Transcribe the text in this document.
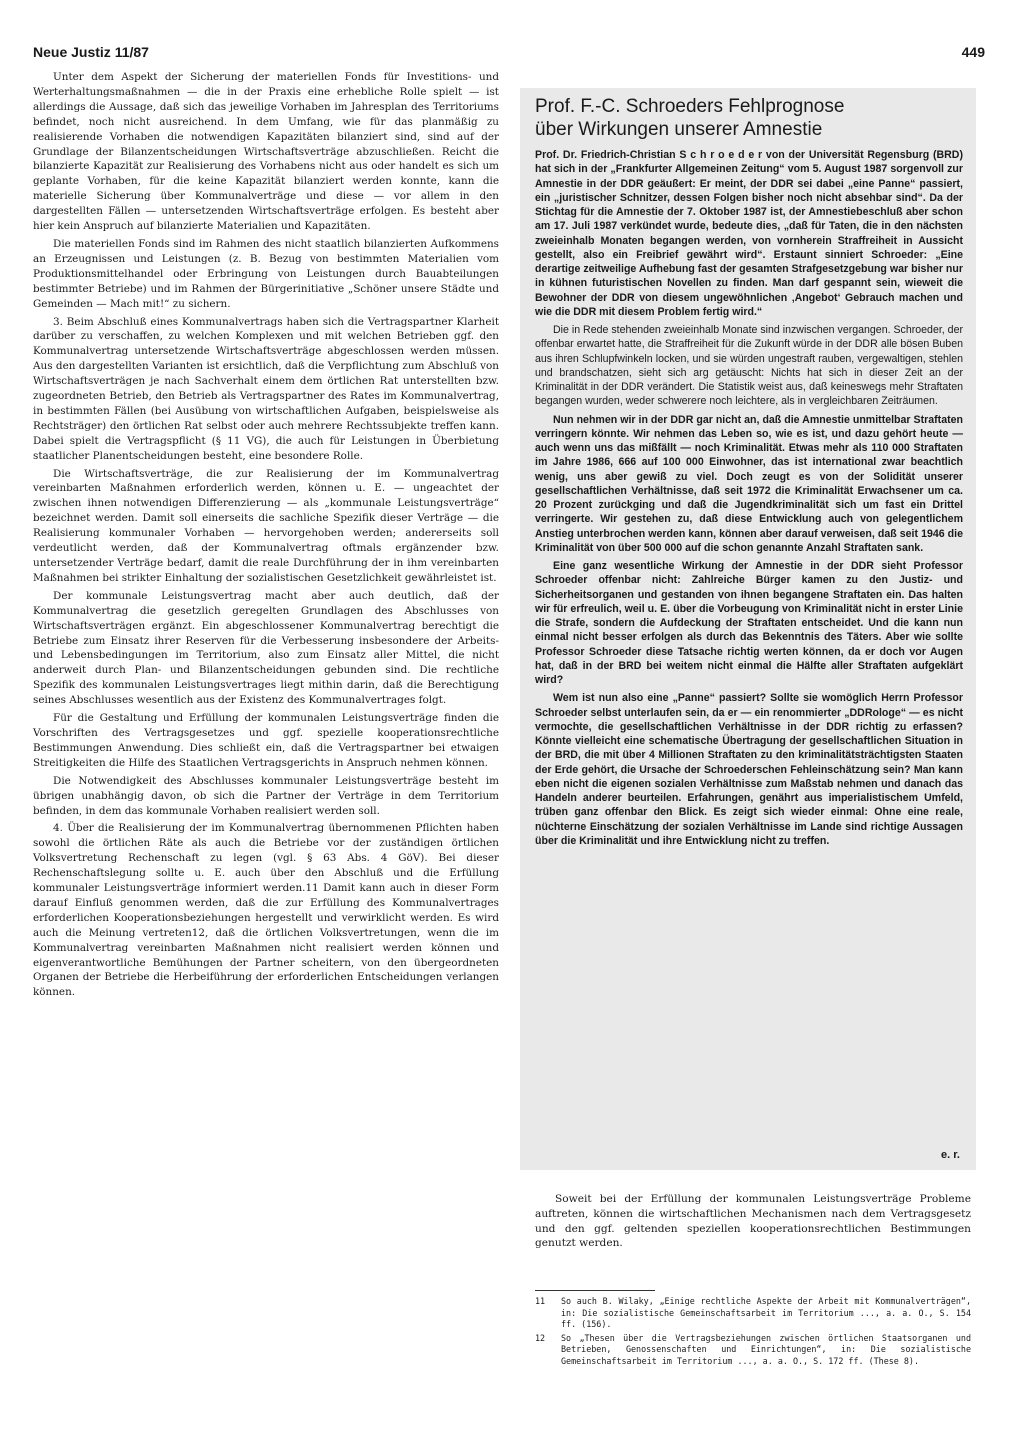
Neue Justiz 11/87	449

Unter dem Aspekt der Sicherung der materiellen Fonds für Investitions- und Werterhaltungsmaßnahmen — die in der Praxis eine erhebliche Rolle spielt — ist allerdings die Aussage, daß sich das jeweilige Vorhaben im Jahresplan des Territoriums befindet, noch nicht ausreichend. In dem Umfang, wie für das planmäßig zu realisierende Vorhaben die notwendigen Kapazitäten bilanziert sind, sind auf der Grundlage der Bilanzentscheidungen Wirtschaftsverträge abzuschließen. Reicht die bilanzierte Kapazität zur Realisierung des Vorhabens nicht aus oder handelt es sich um geplante Vorhaben, für die keine Kapazität bilanziert werden konnte, kann die materielle Sicherung über Kommunalverträge und diese — vor allem in den dargestellten Fällen — untersetzenden Wirtschaftsverträge erfolgen. Es besteht aber hier kein Anspruch auf bilanzierte Materialien und Kapazitäten.

Die materiellen Fonds sind im Rahmen des nicht staatlich bilanzierten Aufkommens an Erzeugnissen und Leistungen (z. B. Bezug von bestimmten Materialien vom Produktionsmittelhandel oder Erbringung von Leistungen durch Bauabteilungen bestimmter Betriebe) und im Rahmen der Bürgerinitiative „Schöner unsere Städte und Gemeinden — Mach mit!“ zu sichern.

3. Beim Abschluß eines Kommunalvertrags haben sich die Vertragspartner Klarheit darüber zu verschaffen, zu welchen Komplexen und mit welchen Betrieben ggf. den Kommunalvertrag untersetzende Wirtschaftsverträge abgeschlossen werden müssen. Aus den dargestellten Varianten ist ersichtlich, daß die Verpflichtung zum Abschluß von Wirtschaftsverträgen je nach Sachverhalt einem dem örtlichen Rat unterstellten bzw. zugeordneten Betrieb, den Betrieb als Vertragspartner des Rates im Kommunalvertrag, in bestimmten Fällen (bei Ausübung von wirtschaftlichen Aufgaben, beispielsweise als Rechtsträger) den örtlichen Rat selbst oder auch mehrere Rechtssubjekte treffen kann. Dabei spielt die Vertragspflicht (§ 11 VG), die auch für Leistungen in Überbietung staatlicher Planentscheidungen besteht, eine besondere Rolle.

Die Wirtschaftsverträge, die zur Realisierung der im Kommunalvertrag vereinbarten Maßnahmen erforderlich werden, können u. E. — ungeachtet der zwischen ihnen notwendigen Differenzierung — als „kommunale Leistungsverträge“ bezeichnet werden. Damit soll einerseits die sachliche Spezifik dieser Verträge — die Realisierung kommunaler Vorhaben — hervorgehoben werden; andererseits soll verdeutlicht werden, daß der Kommunalvertrag oftmals ergänzender bzw. untersetzender Verträge bedarf, damit die reale Durchführung der in ihm vereinbarten Maßnahmen bei strikter Einhaltung der sozialistischen Gesetzlichkeit gewährleistet ist.

Der kommunale Leistungsvertrag macht aber auch deutlich, daß der Kommunalvertrag die gesetzlich geregelten Grundlagen des Abschlusses von Wirtschaftsverträgen ergänzt. Ein abgeschlossener Kommunalvertrag berechtigt die Betriebe zum Einsatz ihrer Reserven für die Verbesserung insbesondere der Arbeits- und Lebensbedingungen im Territorium, also zum Einsatz aller Mittel, die nicht anderweit durch Plan- und Bilanzentscheidungen gebunden sind. Die rechtliche Spezifik des kommunalen Leistungsvertrages liegt mithin darin, daß die Berechtigung seines Abschlusses wesentlich aus der Existenz des Kommunalvertrages folgt.

Für die Gestaltung und Erfüllung der kommunalen Leistungsverträge finden die Vorschriften des Vertragsgesetzes und ggf. spezielle kooperationsrechtliche Bestimmungen Anwendung. Dies schließt ein, daß die Vertragspartner bei etwaigen Streitigkeiten die Hilfe des Staatlichen Vertragsgerichts in Anspruch nehmen können.

Die Notwendigkeit des Abschlusses kommunaler Leistungsverträge besteht im übrigen unabhängig davon, ob sich die Partner der Verträge in dem Territorium befinden, in dem das kommunale Vorhaben realisiert werden soll.

4. Über die Realisierung der im Kommunalvertrag übernommenen Pflichten haben sowohl die örtlichen Räte als auch die Betriebe vor der zuständigen örtlichen Volksvertretung Rechenschaft zu legen (vgl. § 63 Abs. 4 GöV). Bei dieser Rechenschaftslegung sollte u. E. auch über den Abschluß und die Erfüllung kommunaler Leistungsverträge informiert werden.11 Damit kann auch in dieser Form darauf Einfluß genommen werden, daß die zur Erfüllung des Kommunalvertrages erforderlichen Kooperationsbeziehungen hergestellt und verwirklicht werden. Es wird auch die Meinung vertreten12, daß die örtlichen Volksvertretungen, wenn die im Kommunalvertrag vereinbarten Maßnahmen nicht realisiert werden können und eigenverantwortliche Bemühungen der Partner scheitern, von den übergeordneten Organen der Betriebe die Herbeiführung der erforderlichen Entscheidungen verlangen können.

Prof. F.-C. Schroeders Fehlprognose
über Wirkungen unserer Amnestie

Prof. Dr. Friedrich-Christian S c h r o e d e r von der Universität Regensburg (BRD) hat sich in der „Frankfurter Allgemeinen Zeitung“ vom 5. August 1987 sorgenvoll zur Amnestie in der DDR geäußert: Er meint, der DDR sei dabei „eine Panne“ passiert, ein „juristischer Schnitzer, dessen Folgen bisher noch nicht absehbar sind“. Da der Stichtag für die Amnestie der 7. Oktober 1987 ist, der Amnestiebeschluß aber schon am 17. Juli 1987 verkündet wurde, bedeute dies, „daß für Taten, die in den nächsten zweieinhalb Monaten begangen werden, von vornherein Straffreiheit in Aussicht gestellt, also ein Freibrief gewährt wird“. Erstaunt sinniert Schroeder: „Eine derartige zeitweilige Aufhebung fast der gesamten Strafgesetzgebung war bisher nur in kühnen futuristischen Novellen zu finden. Man darf gespannt sein, wieweit die Bewohner der DDR von diesem ungewöhnlichen ‚Angebot‘ Gebrauch machen und wie die DDR mit diesem Problem fertig wird.“

Die in Rede stehenden zweieinhalb Monate sind inzwischen vergangen. Schroeder, der offenbar erwartet hatte, die Straffreiheit für die Zukunft würde in der DDR alle bösen Buben aus ihren Schlupfwinkeln locken, und sie würden ungestraft rauben, vergewaltigen, stehlen und brandschatzen, sieht sich arg getäuscht: Nichts hat sich in dieser Zeit an der Kriminalität in der DDR verändert. Die Statistik weist aus, daß keineswegs mehr Straftaten begangen wurden, weder schwerere noch leichtere, als in vergleichbaren Zeiträumen.

Nun nehmen wir in der DDR gar nicht an, daß die Amnestie unmittelbar Straftaten verringern könnte. Wir nehmen das Leben so, wie es ist, und dazu gehört heute — auch wenn uns das mißfällt — noch Kriminalität. Etwas mehr als 110 000 Straftaten im Jahre 1986, 666 auf 100 000 Einwohner, das ist international zwar beachtlich wenig, uns aber gewiß zu viel. Doch zeugt es von der Solidität unserer gesellschaftlichen Verhältnisse, daß seit 1972 die Kriminalität Erwachsener um ca. 20 Prozent zurückging und daß die Jugendkriminalität sich um fast ein Drittel verringerte. Wir gestehen zu, daß diese Entwicklung auch von gelegentlichem Anstieg unterbrochen werden kann, können aber darauf verweisen, daß seit 1946 die Kriminalität von über 500 000 auf die schon genannte Anzahl Straftaten sank.

Eine ganz wesentliche Wirkung der Amnestie in der DDR sieht Professor Schroeder offenbar nicht: Zahlreiche Bürger kamen zu den Justiz- und Sicherheitsorganen und gestanden von ihnen begangene Straftaten ein. Das halten wir für erfreulich, weil u. E. über die Vorbeugung von Kriminalität nicht in erster Linie die Strafe, sondern die Aufdeckung der Straftaten entscheidet. Und die kann nun einmal nicht besser erfolgen als durch das Bekenntnis des Täters. Aber wie sollte Professor Schroeder diese Tatsache richtig werten können, da er doch vor Augen hat, daß in der BRD bei weitem nicht einmal die Hälfte aller Straftaten aufgeklärt wird?

Wem ist nun also eine „Panne“ passiert? Sollte sie womöglich Herrn Professor Schroeder selbst unterlaufen sein, da er — ein renommierter „DDRologe“ — es nicht vermochte, die gesellschaftlichen Verhältnisse in der DDR richtig zu erfassen? Könnte vielleicht eine schematische Übertragung der gesellschaftlichen Situation in der BRD, die mit über 4 Millionen Straftaten zu den kriminalitätsträchtigsten Staaten der Erde gehört, die Ursache der Schroederschen Fehleinschätzung sein? Man kann eben nicht die eigenen sozialen Verhältnisse zum Maßstab nehmen und danach das Handeln anderer beurteilen. Erfahrungen, genährt aus imperialistischem Umfeld, trüben ganz offenbar den Blick. Es zeigt sich wieder einmal: Ohne eine reale, nüchterne Einschätzung der sozialen Verhältnisse im Lande sind richtige Aussagen über die Kriminalität und ihre Entwicklung nicht zu treffen.

e. r.

Soweit bei der Erfüllung der kommunalen Leistungsverträge Probleme auftreten, können die wirtschaftlichen Mechanismen nach dem Vertragsgesetz und den ggf. geltenden speziellen kooperationsrechtlichen Bestimmungen genutzt werden.

11 So auch B. Wilaky, „Einige rechtliche Aspekte der Arbeit mit Kommunalverträgen“, in: Die sozialistische Gemeinschaftsarbeit im Territorium ..., a. a. O., S. 154 ff. (156).
12 So „Thesen über die Vertragsbeziehungen zwischen örtlichen Staatsorganen und Betrieben, Genossenschaften und Einrichtungen“, in: Die sozialistische Gemeinschaftsarbeit im Territorium ..., a. a. O., S. 172 ff. (These 8).
